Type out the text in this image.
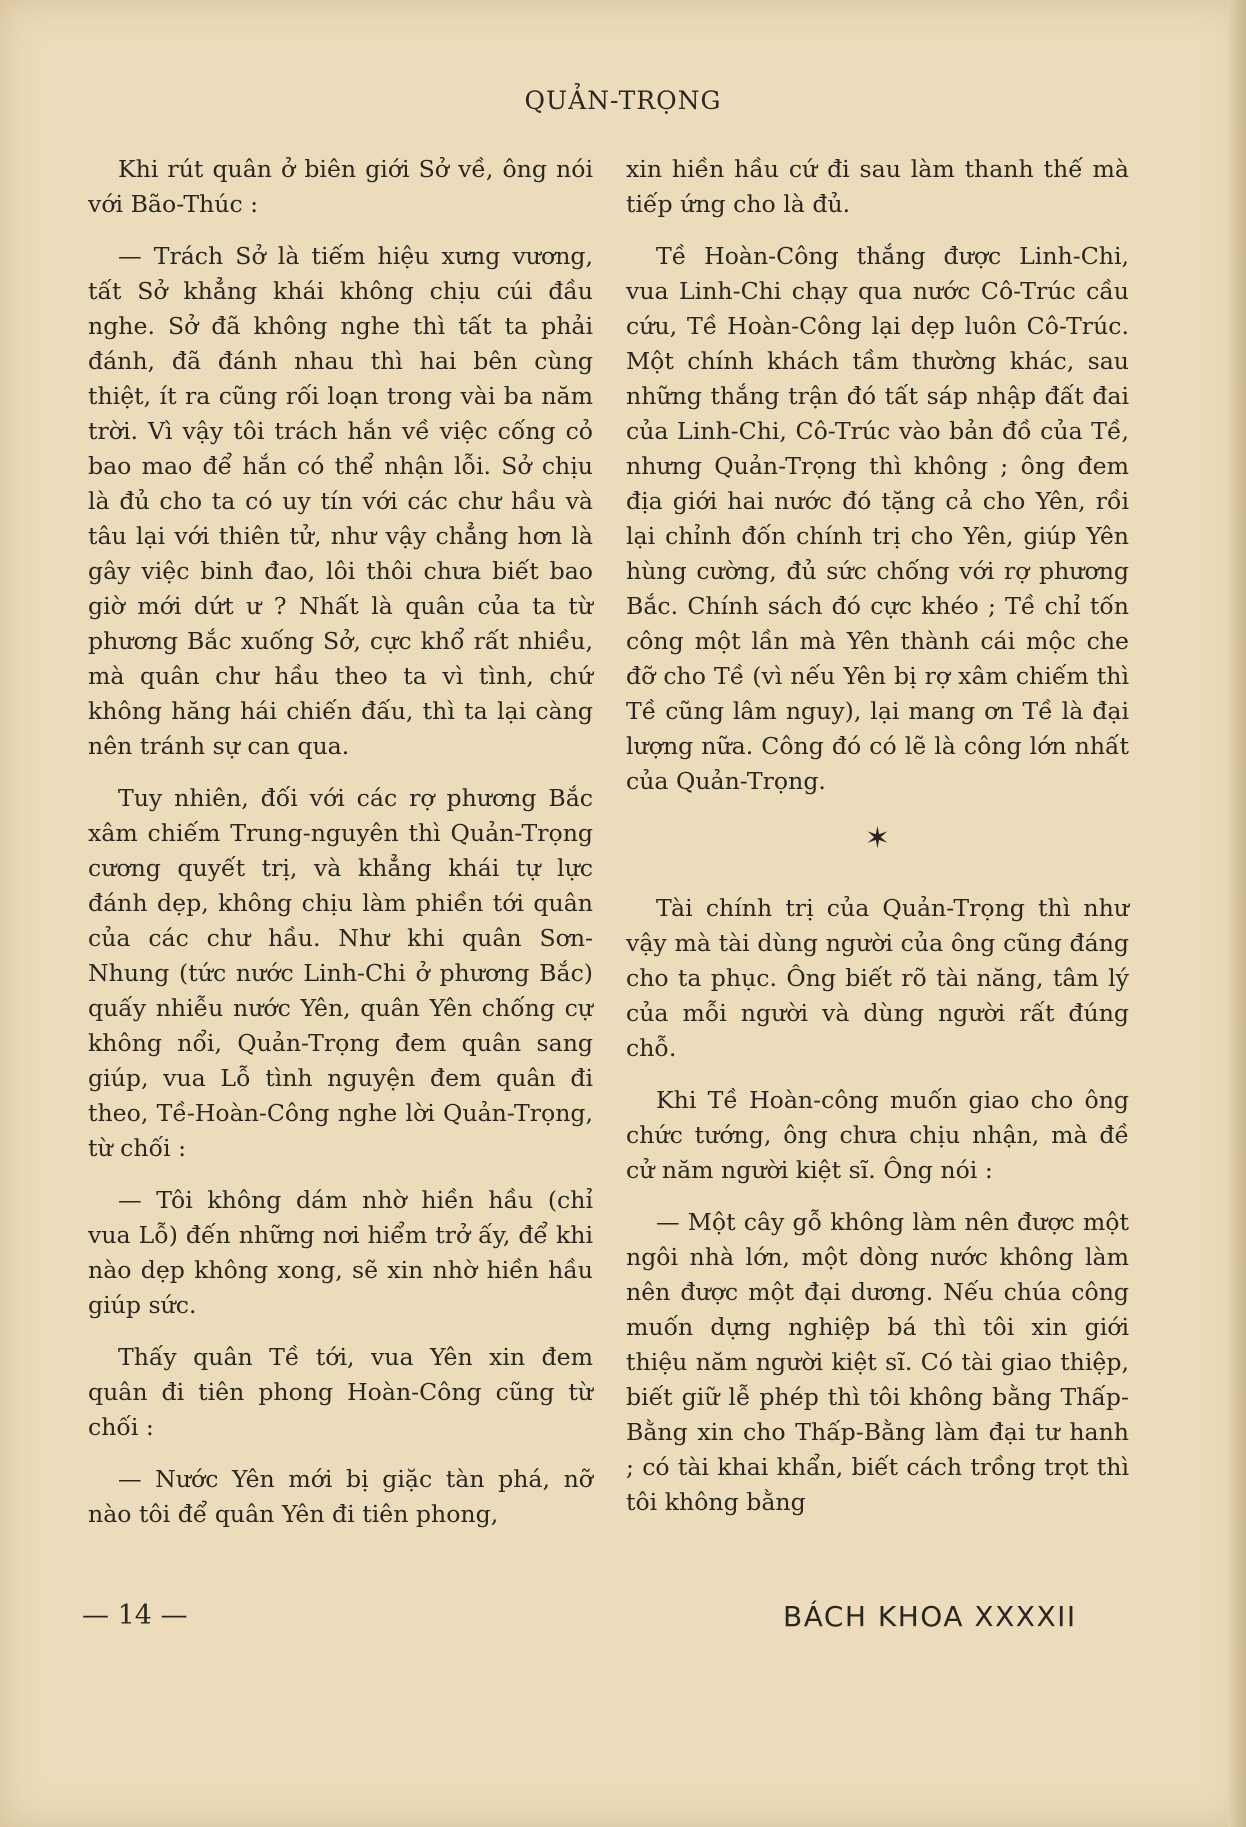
QUẢN-TRỌNG

Khi rút quân ở biên giới Sở về, ông nói với Bão-Thúc :

— Trách Sở là tiếm hiệu xưng vương, tất Sở khẳng khái không chịu cúi đầu nghe. Sở đã không nghe thì tất ta phải đánh, đã đánh nhau thì hai bên cùng thiệt, ít ra cũng rối loạn trong vài ba năm trời. Vì vậy tôi trách hắn về việc cống cỏ bao mao để hắn có thể nhận lỗi. Sở chịu là đủ cho ta có uy tín với các chư hầu và tâu lại với thiên tử, như vậy chẳng hơn là gây việc binh đao, lôi thôi chưa biết bao giờ mới dứt ư ? Nhất là quân của ta từ phương Bắc xuống Sở, cực khổ rất nhiều, mà quân chư hầu theo ta vì tình, chứ không hăng hái chiến đấu, thì ta lại càng nên tránh sự can qua.

Tuy nhiên, đối với các rợ phương Bắc xâm chiếm Trung-nguyên thì Quản-Trọng cương quyết trị, và khẳng khái tự lực đánh dẹp, không chịu làm phiền tới quân của các chư hầu. Như khi quân Sơn-Nhung (tức nước Linh-Chi ở phương Bắc) quấy nhiễu nước Yên, quân Yên chống cự không nổi, Quản-Trọng đem quân sang giúp, vua Lỗ tình nguyện đem quân đi theo, Tề-Hoàn-Công nghe lời Quản-Trọng, từ chối :

— Tôi không dám nhờ hiền hầu (chỉ vua Lỗ) đến những nơi hiểm trở ấy, để khi nào dẹp không xong, sẽ xin nhờ hiền hầu giúp sức.

Thấy quân Tề tới, vua Yên xin đem quân đi tiên phong Hoàn-Công cũng từ chối :

— Nước Yên mới bị giặc tàn phá, nỡ nào tôi để quân Yên đi tiên phong,

xin hiền hầu cứ đi sau làm thanh thế mà tiếp ứng cho là đủ.

Tề Hoàn-Công thắng được Linh-Chi, vua Linh-Chi chạy qua nước Cô-Trúc cầu cứu, Tề Hoàn-Công lại dẹp luôn Cô-Trúc. Một chính khách tầm thường khác, sau những thắng trận đó tất sáp nhập đất đai của Linh-Chi, Cô-Trúc vào bản đồ của Tề, nhưng Quản-Trọng thì không ; ông đem địa giới hai nước đó tặng cả cho Yên, rồi lại chỉnh đốn chính trị cho Yên, giúp Yên hùng cường, đủ sức chống với rợ phương Bắc. Chính sách đó cực khéo ; Tề chỉ tốn công một lần mà Yên thành cái mộc che đỡ cho Tề (vì nếu Yên bị rợ xâm chiếm thì Tề cũng lâm nguy), lại mang ơn Tề là đại lượng nữa. Công đó có lẽ là công lớn nhất của Quản-Trọng.

✶

Tài chính trị của Quản-Trọng thì như vậy mà tài dùng người của ông cũng đáng cho ta phục. Ông biết rõ tài năng, tâm lý của mỗi người và dùng người rất đúng chỗ.

Khi Tề Hoàn-công muốn giao cho ông chức tướng, ông chưa chịu nhận, mà đề cử năm người kiệt sĩ. Ông nói :

— Một cây gỗ không làm nên được một ngôi nhà lớn, một dòng nước không làm nên được một đại dương. Nếu chúa công muốn dựng nghiệp bá thì tôi xin giới thiệu năm người kiệt sĩ. Có tài giao thiệp, biết giữ lễ phép thì tôi không bằng Thấp-Bằng xin cho Thấp-Bằng làm đại tư hanh ; có tài khai khẩn, biết cách trồng trọt thì tôi không bằng

— 14 —	BÁCH KHOA XXXXII
